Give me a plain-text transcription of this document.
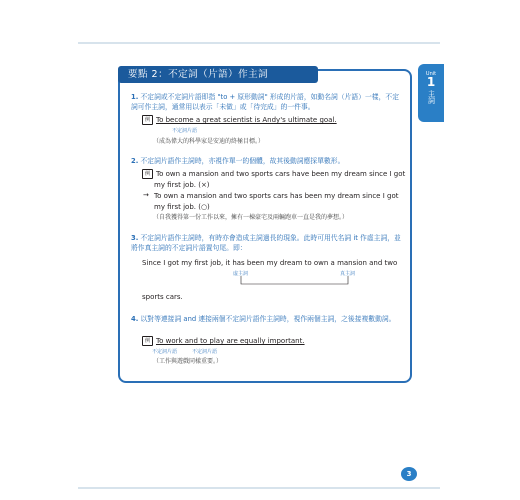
要點 2：不定詞（片語）作主詞	Unit
1
主詞
1. 不定詞或不定詞片語即指 "to + 原形動詞" 形成的片語，如動名詞（片語）一樣，不定詞可作主詞，通常用以表示「未做」或「待完成」的一件事。
例 To become a great scientist is Andy's ultimate goal.
不定詞片語
（成為偉大的科學家是安迪的終極目標。）
2. 不定詞片語作主詞時，亦視作單一的個體，故其後動詞應採單數形。
例 To own a mansion and two sports cars have been my dream since I got
my first job. (×)
→ To own a mansion and two sports cars has been my dream since I got
my first job. (○)
（自我獲得第一份工作以來，擁有一棟豪宅及兩輛跑車一直是我的夢想。）
3. 不定詞片語作主詞時，有時亦會造成主詞過長的現象。此時可用代名詞 it 作虛主詞，並將作真主詞的不定詞片語置句尾。即：
Since I got my first job, it has been my dream to own a mansion and two
虛主詞	真主詞
sports cars.
4. 以對等連接詞 and 連接兩個不定詞片語作主詞時，視作兩個主詞，之後接複數動詞。
例 To work and to play are equally important.
不定詞片語	不定詞片語
（工作與遊戲同樣重要。）
3
